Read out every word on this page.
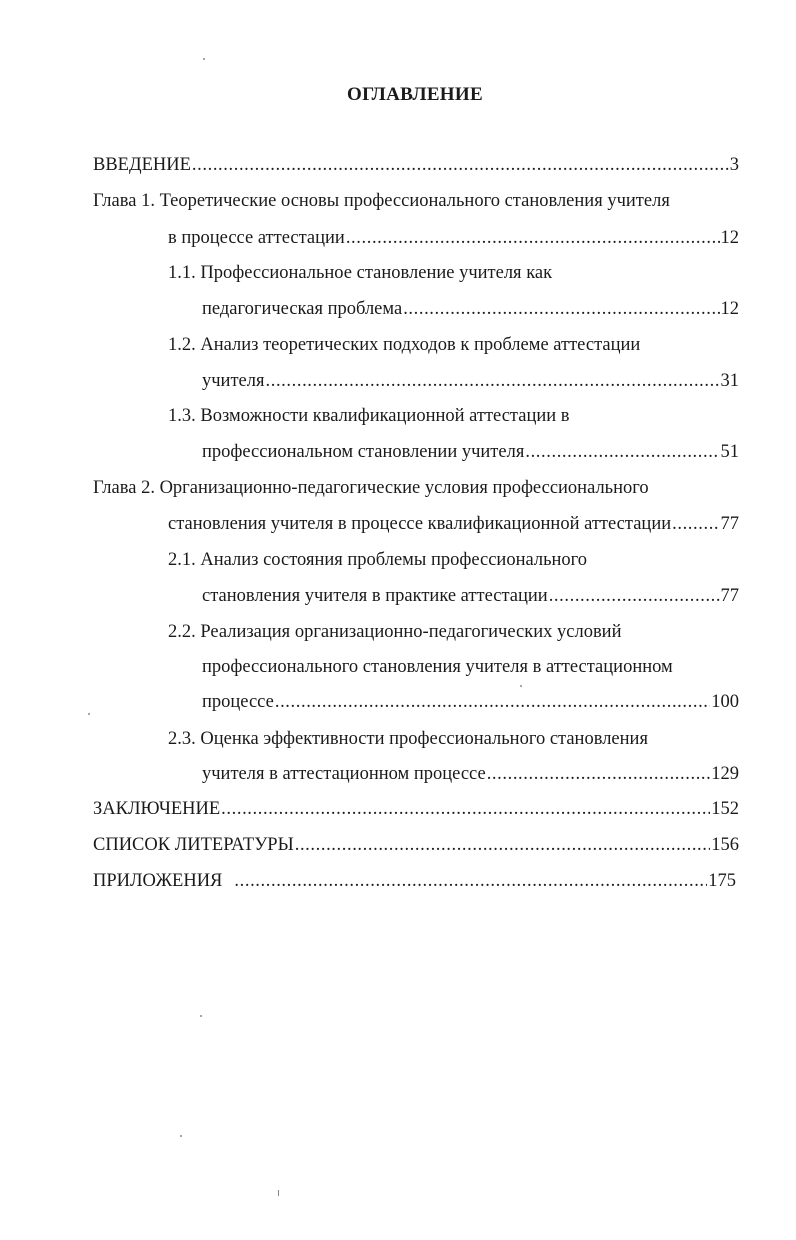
ОГЛАВЛЕНИЕ
ВВЕДЕНИЕ .....	3
Глава 1. Теоретические основы профессионального становления учителя
в процессе аттестации .....	12
1.1. Профессиональное становление учителя как
педагогическая проблема .....	12
1.2. Анализ теоретических подходов к проблеме аттестации
учителя .....	31
1.3. Возможности квалификационной аттестации в
профессиональном становлении учителя .....	51
Глава 2. Организационно-педагогические условия профессионального
становления учителя в процессе квалификационной аттестации .....	77
2.1. Анализ состояния проблемы профессионального
становления учителя в практике аттестации .....	77
2.2. Реализация организационно-педагогических условий
профессионального становления учителя в аттестационном
процессе .....	100
2.3. Оценка эффективности профессионального становления
учителя в аттестационном процессе .....	129
ЗАКЛЮЧЕНИЕ .....	152
СПИСОК ЛИТЕРАТУРЫ .....	156
ПРИЛОЖЕНИЯ .....	175
